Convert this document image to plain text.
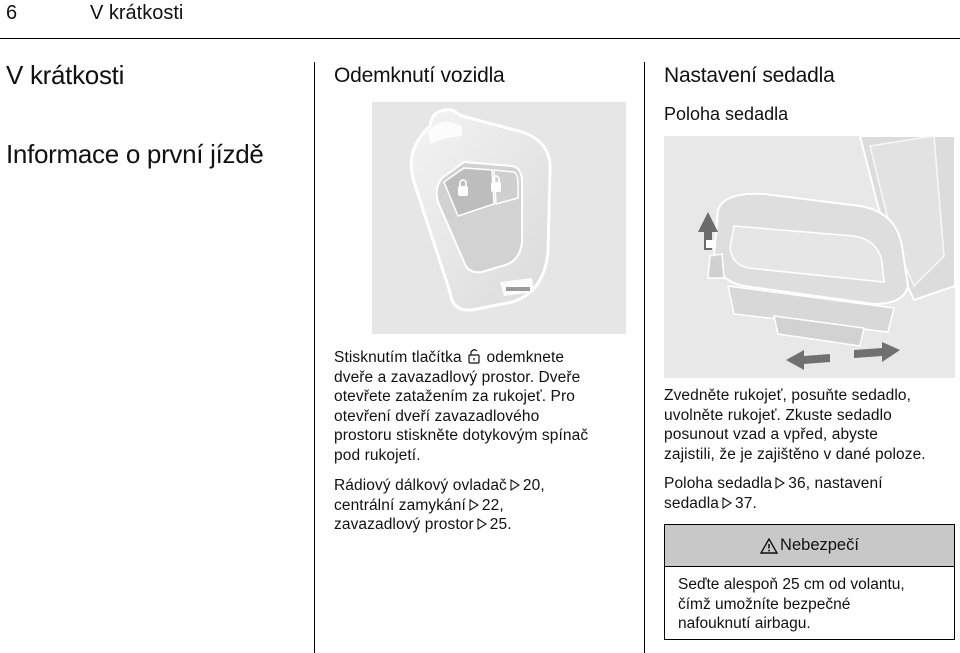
6	V krátkosti
V krátkosti
Informace o první jízdě
Odemknutí vozidla
Stisknutím tlačítka odemknete
dveře a zavazadlový prostor. Dveře
otevřete zatažením za rukojeť. Pro
otevření dveří zavazadlového
prostoru stiskněte dotykovým spínač
pod rukojetí.
Rádiový dálkový ovladač 20,
centrální zamykání 22,
zavazadlový prostor 25.
Nastavení sedadla
Poloha sedadla
Zvedněte rukojeť, posuňte sedadlo,
uvolněte rukojeť. Zkuste sedadlo
posunout vzad a vpřed, abyste
zajistili, že je zajištěno v dané poloze.
Poloha sedadla 36, nastavení
sedadla 37.
Nebezpečí
Seďte alespoň 25 cm od volantu,
čímž umožníte bezpečné
nafouknutí airbagu.
